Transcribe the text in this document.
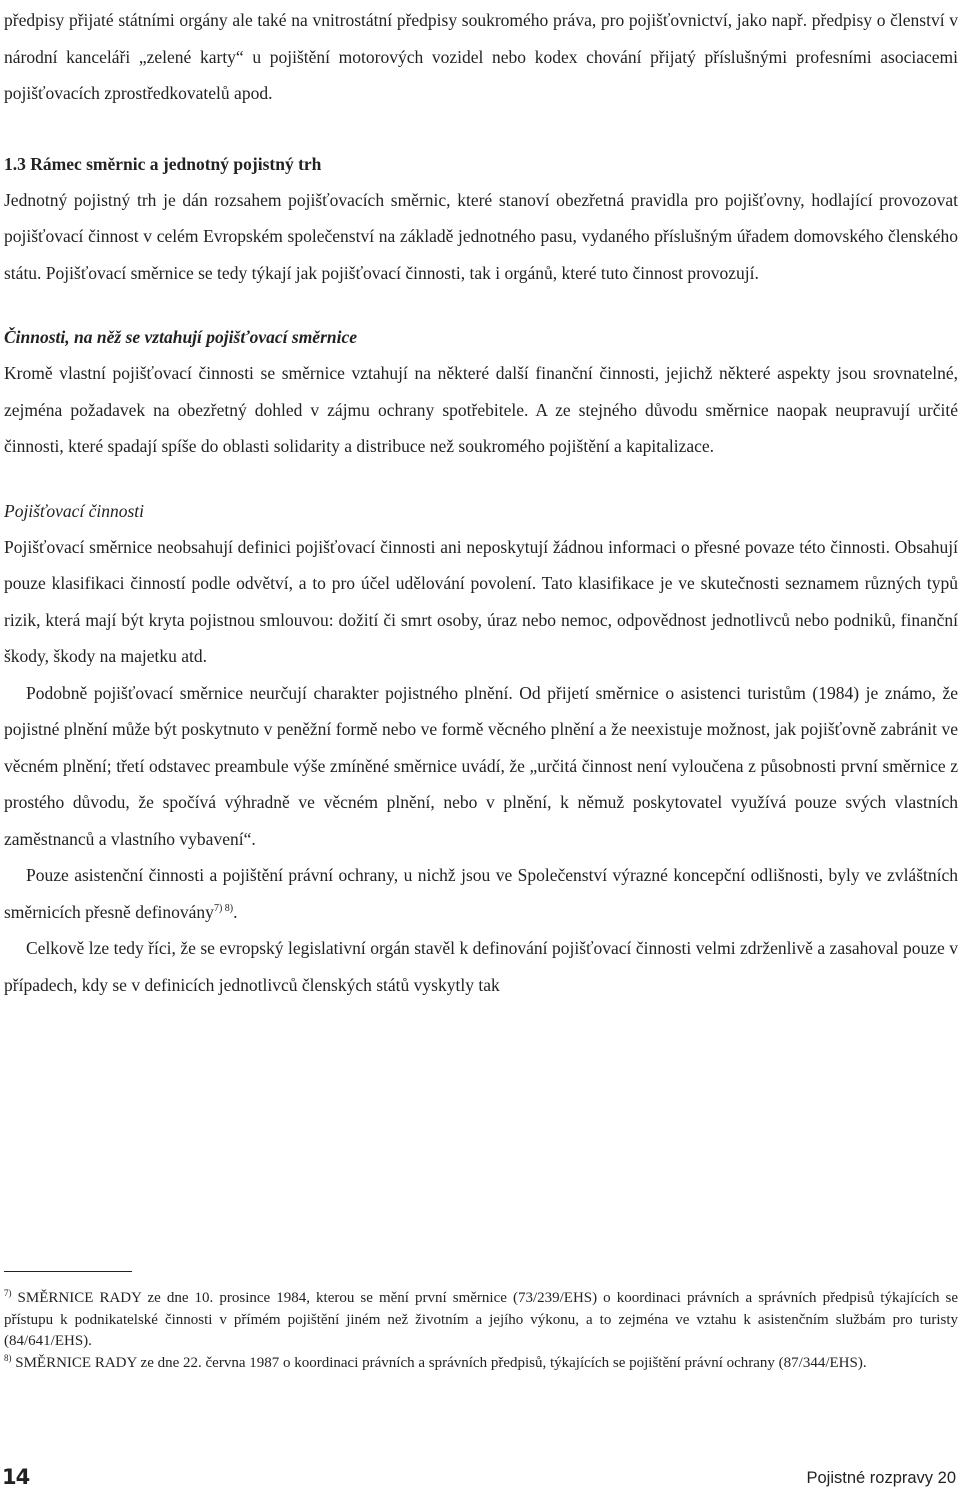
předpisy přijaté státními orgány ale také na vnitrostátní předpisy soukromého práva, pro pojišťovnictví, jako např. předpisy o členství v národní kanceláři „zelené karty“ u pojištění motorových vozidel nebo kodex chování přijatý příslušnými profesními asociacemi pojišťovacích zprostředkovatelů apod.

1.3 Rámec směrnic a jednotný pojistný trh

Jednotný pojistný trh je dán rozsahem pojišťovacích směrnic, které stanoví obezřetná pravidla pro pojišťovny, hodlající provozovat pojišťovací činnost v celém Evropském společenství na základě jednotného pasu, vydaného příslušným úřadem domovského členského státu. Pojišťovací směrnice se tedy týkají jak pojišťovací činnosti, tak i orgánů, které tuto činnost provozují.

Činnosti, na něž se vztahují pojišťovací směrnice

Kromě vlastní pojišťovací činnosti se směrnice vztahují na některé další finanční činnosti, jejichž některé aspekty jsou srovnatelné, zejména požadavek na obezřetný dohled v zájmu ochrany spotřebitele. A ze stejného důvodu směrnice naopak neupravují určité činnosti, které spadají spíše do oblasti solidarity a distribuce než soukromého pojištění a kapitalizace.

Pojišťovací činnosti

Pojišťovací směrnice neobsahují definici pojišťovací činnosti ani neposkytují žádnou informaci o přesné povaze této činnosti. Obsahují pouze klasifikaci činností podle odvětví, a to pro účel udělování povolení. Tato klasifikace je ve skutečnosti seznamem různých typů rizik, která mají být kryta pojistnou smlouvou: dožití či smrt osoby, úraz nebo nemoc, odpovědnost jednotlivců nebo podniků, finanční škody, škody na majetku atd.

Podobně pojišťovací směrnice neurčují charakter pojistného plnění. Od přijetí směrnice o asistenci turistům (1984) je známo, že pojistné plnění může být poskytnuto v peněžní formě nebo ve formě věcného plnění a že neexistuje možnost, jak pojišťovně zabránit ve věcném plnění; třetí odstavec preambule výše zmíněné směrnice uvádí, že „určitá činnost není vyloučena z působnosti první směrnice z prostého důvodu, že spočívá výhradně ve věcném plnění, nebo v plnění, k němuž poskytovatel využívá pouze svých vlastních zaměstnanců a vlastního vybavení“.

Pouze asistenční činnosti a pojištění právní ochrany, u nichž jsou ve Společenství výrazné koncepční odlišnosti, byly ve zvláštních směrnicích přesně definovány$^{7) 8)}$.

Celkově lze tedy říci, že se evropský legislativní orgán stavěl k definování pojišťovací činnosti velmi zdrženlivě a zasahoval pouze v případech, kdy se v definicích jednotlivců členských států vyskytly tak

$^{7)}$ SMĚRNICE RADY ze dne 10. prosince 1984, kterou se mění první směrnice (73/239/EHS) o koordinaci právních a správních předpisů týkajících se přístupu k podnikatelské činnosti v přímém pojištění jiném než životním a jejího výkonu, a to zejména ve vztahu k asistenčním službám pro turisty (84/641/EHS).

$^{8)}$ SMĚRNICE RADY ze dne 22. června 1987 o koordinaci právních a správních předpisů, týkajících se pojištění právní ochrany (87/344/EHS).

14	Pojistné rozpravy 20
